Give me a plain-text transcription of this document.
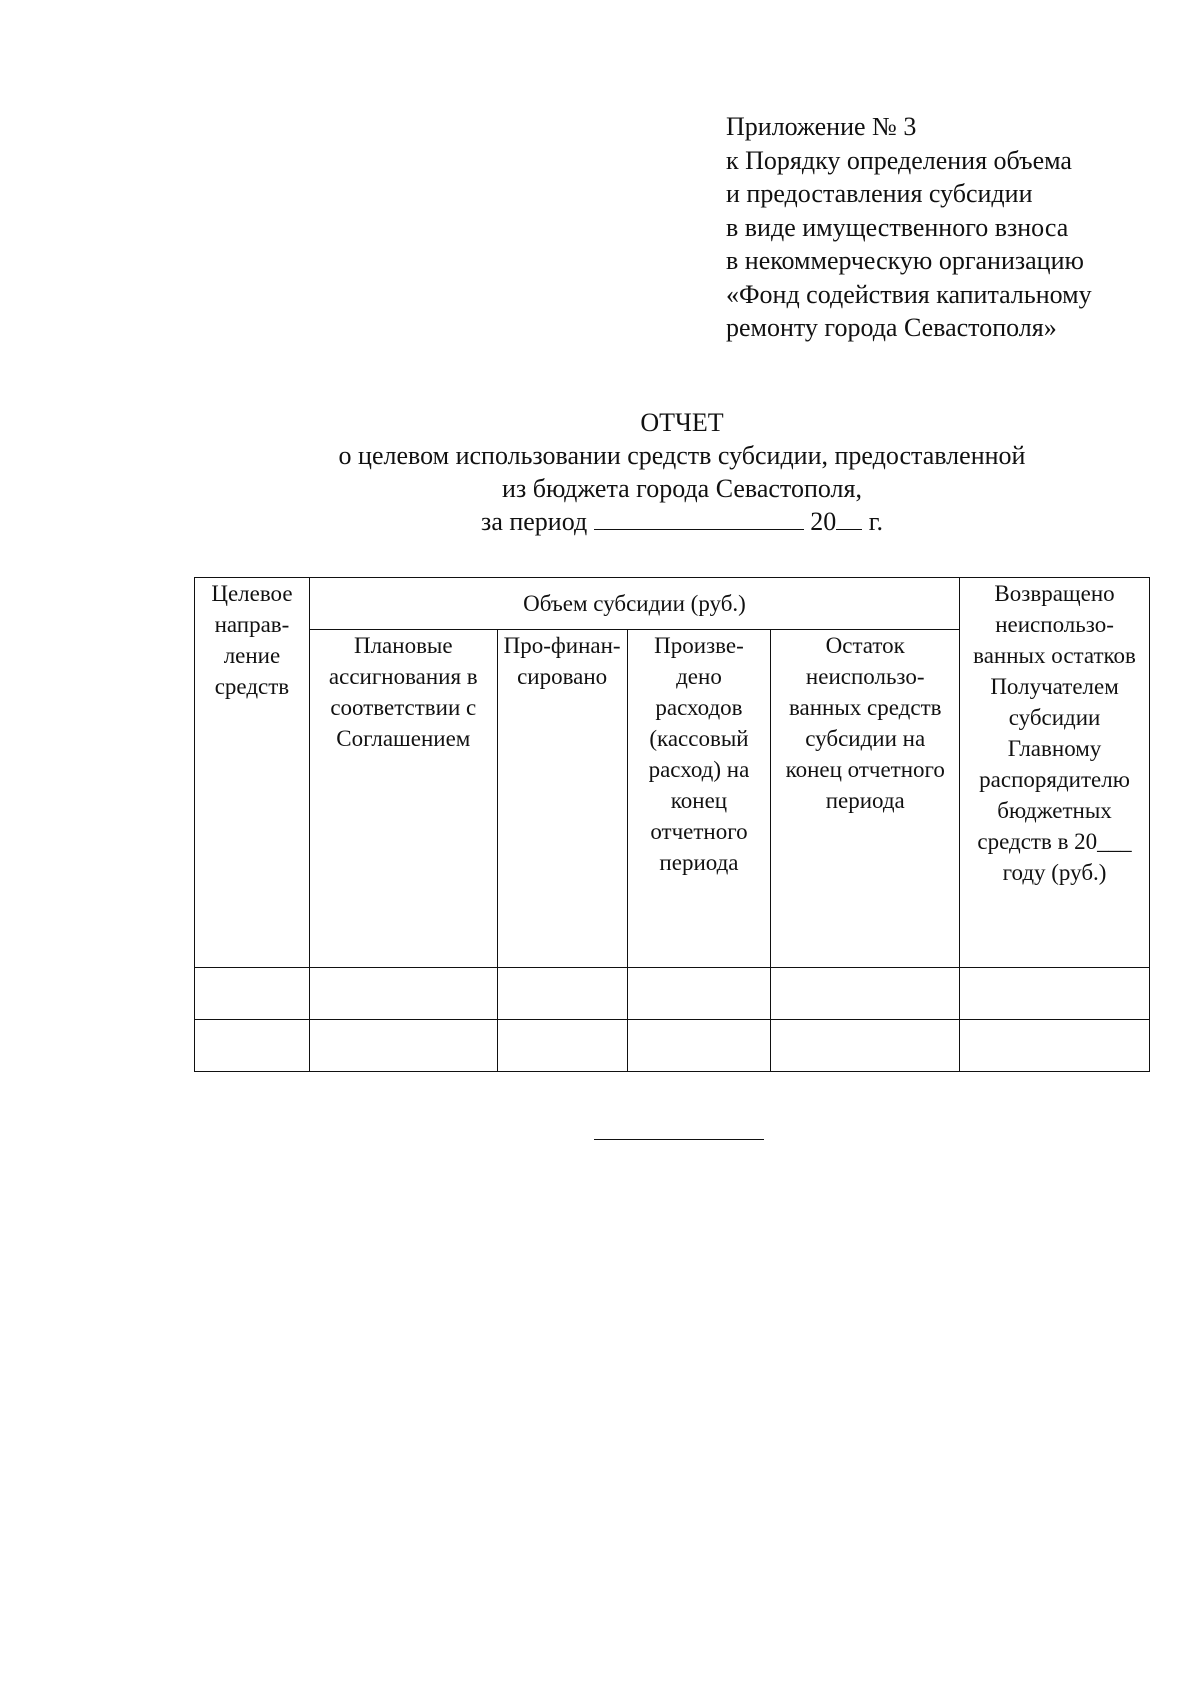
Приложение № 3
к Порядку определения объема
и предоставления субсидии
в виде имущественного взноса
в некоммерческую организацию
«Фонд содействия капитальному
ремонту города Севастополя»
ОТЧЕТ
о целевом использовании средств субсидии, предоставленной
из бюджета города Севастополя,
за период	20 г.
Целевое направ-ление средств	Объем субсидии (руб.)				Возвращено неиспользо-ванных остатков Получателем субсидии Главному распорядителю бюджетных средств в 20___ году (руб.)
	Плановые ассигнования в соответствии с Соглашением	Про-финан-сировано	Произве-дено расходов (кассовый расход) на конец отчетного периода	Остаток неиспользо-ванных средств субсидии на конец отчетного периода	
